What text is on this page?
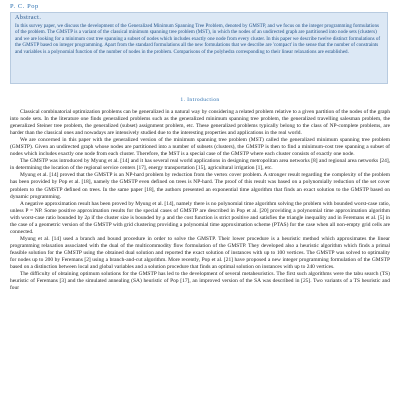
P. C. Pop
Abstract.

In this survey paper, we discuss the development of the Generalized Minimum Spanning Tree Problem, denoted by GMSTP, and we focus on the integer programming formulations of the problem. The GMSTP is a variant of the classical minimum spanning tree problem (MST), in which the nodes of an undirected graph are partitioned into node sets (clusters) and we are looking for a minimum cost tree spanning a subset of nodes which includes exactly one node from every cluster. In this paper we describe twelve distinct formulations of the GMSTP based on integer programming. Apart from the standard formulations all the new formulations that we describe are 'compact' in the sense that the number of constraints and variables is a polynomial function of the number of nodes in the problem. Comparisons of the polyhedra corresponding to their linear relaxations are established.

1. Introduction

Classical combinatorial optimization problems can be generalized in a natural way by considering a related problem relative to a given partition of the nodes of the graph into node sets. In the literature one finds generalized problems such as the generalized minimum spanning tree problem, the generalized travelling salesman problem, the generalized Steiner tree problem, the generalized (subset) assignment problem, etc. These generalized problems typically belong to the class of NP-complete problems, are harder than the classical ones and nowadays are intensively studied due to the interesting properties and applications in the real world.

We are concerned in this paper with the generalized version of the minimum spanning tree problem (MST) called the generalized minimum spanning tree problem (GMSTP). Given an undirected graph whose nodes are partitioned into a number of subsets (clusters), the GMSTP is then to find a minimum-cost tree spanning a subset of nodes which includes exactly one node from each cluster. Therefore, the MST is a special case of the GMSTP where each cluster consists of exactly one node.

The GMSTP was introduced by Myung et al. [14] and it has several real world applications in designing metropolitan area networks [8] and regional area networks [24], in determining the location of the regional service centers [17], energy transportation [15], agricultural irrigation [1], etc.

Myung et al. [14] proved that the GMSTP is an NP-hard problem by reduction from the vertex cover problem. A stronger result regarding the complexity of the problem has been provided by Pop et al. [18], namely the GMSTP even defined on trees is NP-hard. The proof of this result was based on a polynomially reduction of the set cover problem to the GMSTP defined on trees. In the same paper [18], the authors presented an exponential time algorithm that finds an exact solution to the GMSTP based on dynamic programming.

A negative approximation result has been proved by Myung et al. [14], namely there is no polynomial time algorithm solving the problem with bounded worst-case ratio, unless P = NP. Some positive approximation results for the special cases of GMSTP are described in Pop et al. [20] providing a polynomial time approximation algorithm with worst-case ratio bounded by 2ρ if the cluster size is bounded by ρ and the cost function is strict positive and satisfies the triangle inequality and in Feremans et al. [5] in the case of a geometric version of the GMSTP with grid clustering providing a polynomial time approximation scheme (PTAS) for the case when all non-empty grid cells are connected.

Myung et al. [14] used a branch and bound procedure in order to solve the GMSTP. Their lower procedure is a heuristic method which approximates the linear programming relaxation associated with the dual of the multicommodity flow formulation of the GMSTP. They developed also a heuristic algorithm which finds a primal feasible solution for the GMSTP using the obtained dual solution and reported the exact solution of instances with up to 100 vertices. The GMSTP was solved to optimality for nodes up to 200 by Feremans [2] using a branch-and-cut algorithm. More recently, Pop et al. [21] have proposed a new integer programming formulation of the GMSTP based on a distinction between local and global variables and a solution procedure that finds an optimal solution on instances with up to 240 vertices.

The difficulty of obtaining optimum solutions for the GMSTP has led to the development of several metaheuristics. The first such algorithms were the tabu search (TS) heuristic of Feremans [3] and the simulated annealing (SA) heuristic of Pop [17], an improved version of the SA was described in [25]. Two variants of a TS heuristic and four
